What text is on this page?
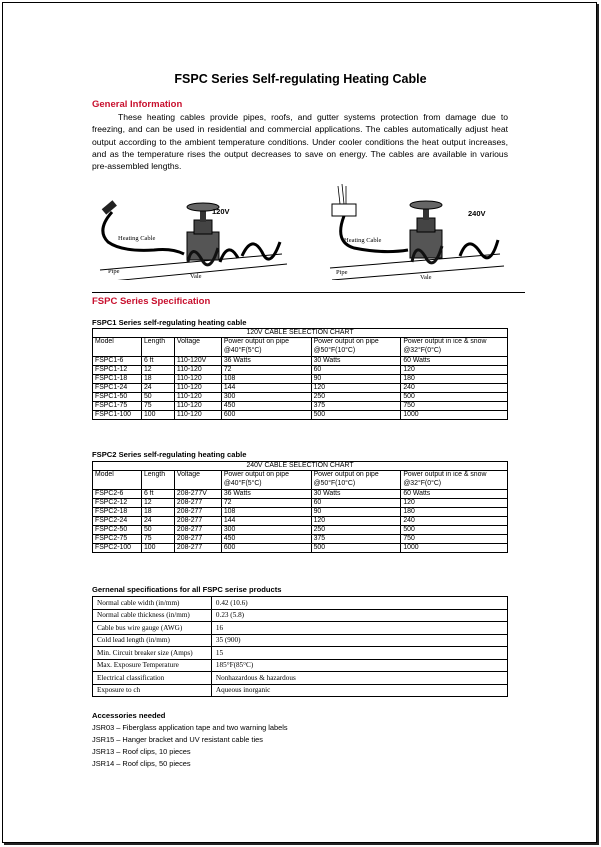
FSPC Series Self-regulating Heating Cable
General Information
These heating cables provide pipes, roofs, and gutter systems protection from damage due to freezing, and can be used in residential and commercial applications. The cables automatically adjust heat output according to the ambient temperature conditions. Under cooler conditions the heat output increases, and as the temperature rises the output decreases to save on energy. The cables are available in various pre-assembled lengths.
120V
Heating Cable
Pipe
Vale
240V
Heating Cable
Pipe
Vale
FSPC Series Specification
FSPC1 Series self-regulating heating cable
120V CABLE SELECTION CHART					
Model	Length	Voltage	Power output on pipe @40°F(5°C)	Power output on pipe @50°F(10°C)	Power output in ice & snow @32°F(0°C)
FSPC1-6	6 ft	110-120V	36 Watts	30 Watts	60 Watts
FSPC1-12	12	110-120	72	60	120
FSPC1-18	18	110-120	108	90	180
FSPC1-24	24	110-120	144	120	240
FSPC1-50	50	110-120	300	250	500
FSPC1-75	75	110-120	450	375	750
FSPC1-100	100	110-120	600	500	1000
FSPC2 Series self-regulating heating cable
240V CABLE SELECTION CHART					
Model	Length	Voltage	Power output on pipe @40°F(5°C)	Power output on pipe @50°F(10°C)	Power output in ice & snow @32°F(0°C)
FSPC2-6	6 ft	208-277V	36 Watts	30 Watts	60 Watts
FSPC2-12	12	208-277	72	60	120
FSPC2-18	18	208-277	108	90	180
FSPC2-24	24	208-277	144	120	240
FSPC2-50	50	208-277	300	250	500
FSPC2-75	75	208-277	450	375	750
FSPC2-100	100	208-277	600	500	1000
Gernenal specifications for all FSPC serise products
Normal cable width (in/mm)	0.42 (10.6)
Normal cable thickness (in/mm)	0.23 (5.8)
Cable bus wire gauge (AWG)	16
Cold lead length (in/mm)	35 (900)
Min. Circuit breaker size (Amps)	15
Max. Exposure Temperature	185°F(85°C)
Electrical classification	Nonhazardous & hazardous
Exposure to ch	Aqueous inorganic
Accessories needed
JSR03 – Fiberglass application tape and two warning labels
JSR15 – Hanger bracket and UV resistant cable ties
JSR13 – Roof clips, 10 pieces
JSR14 – Roof clips, 50 pieces
